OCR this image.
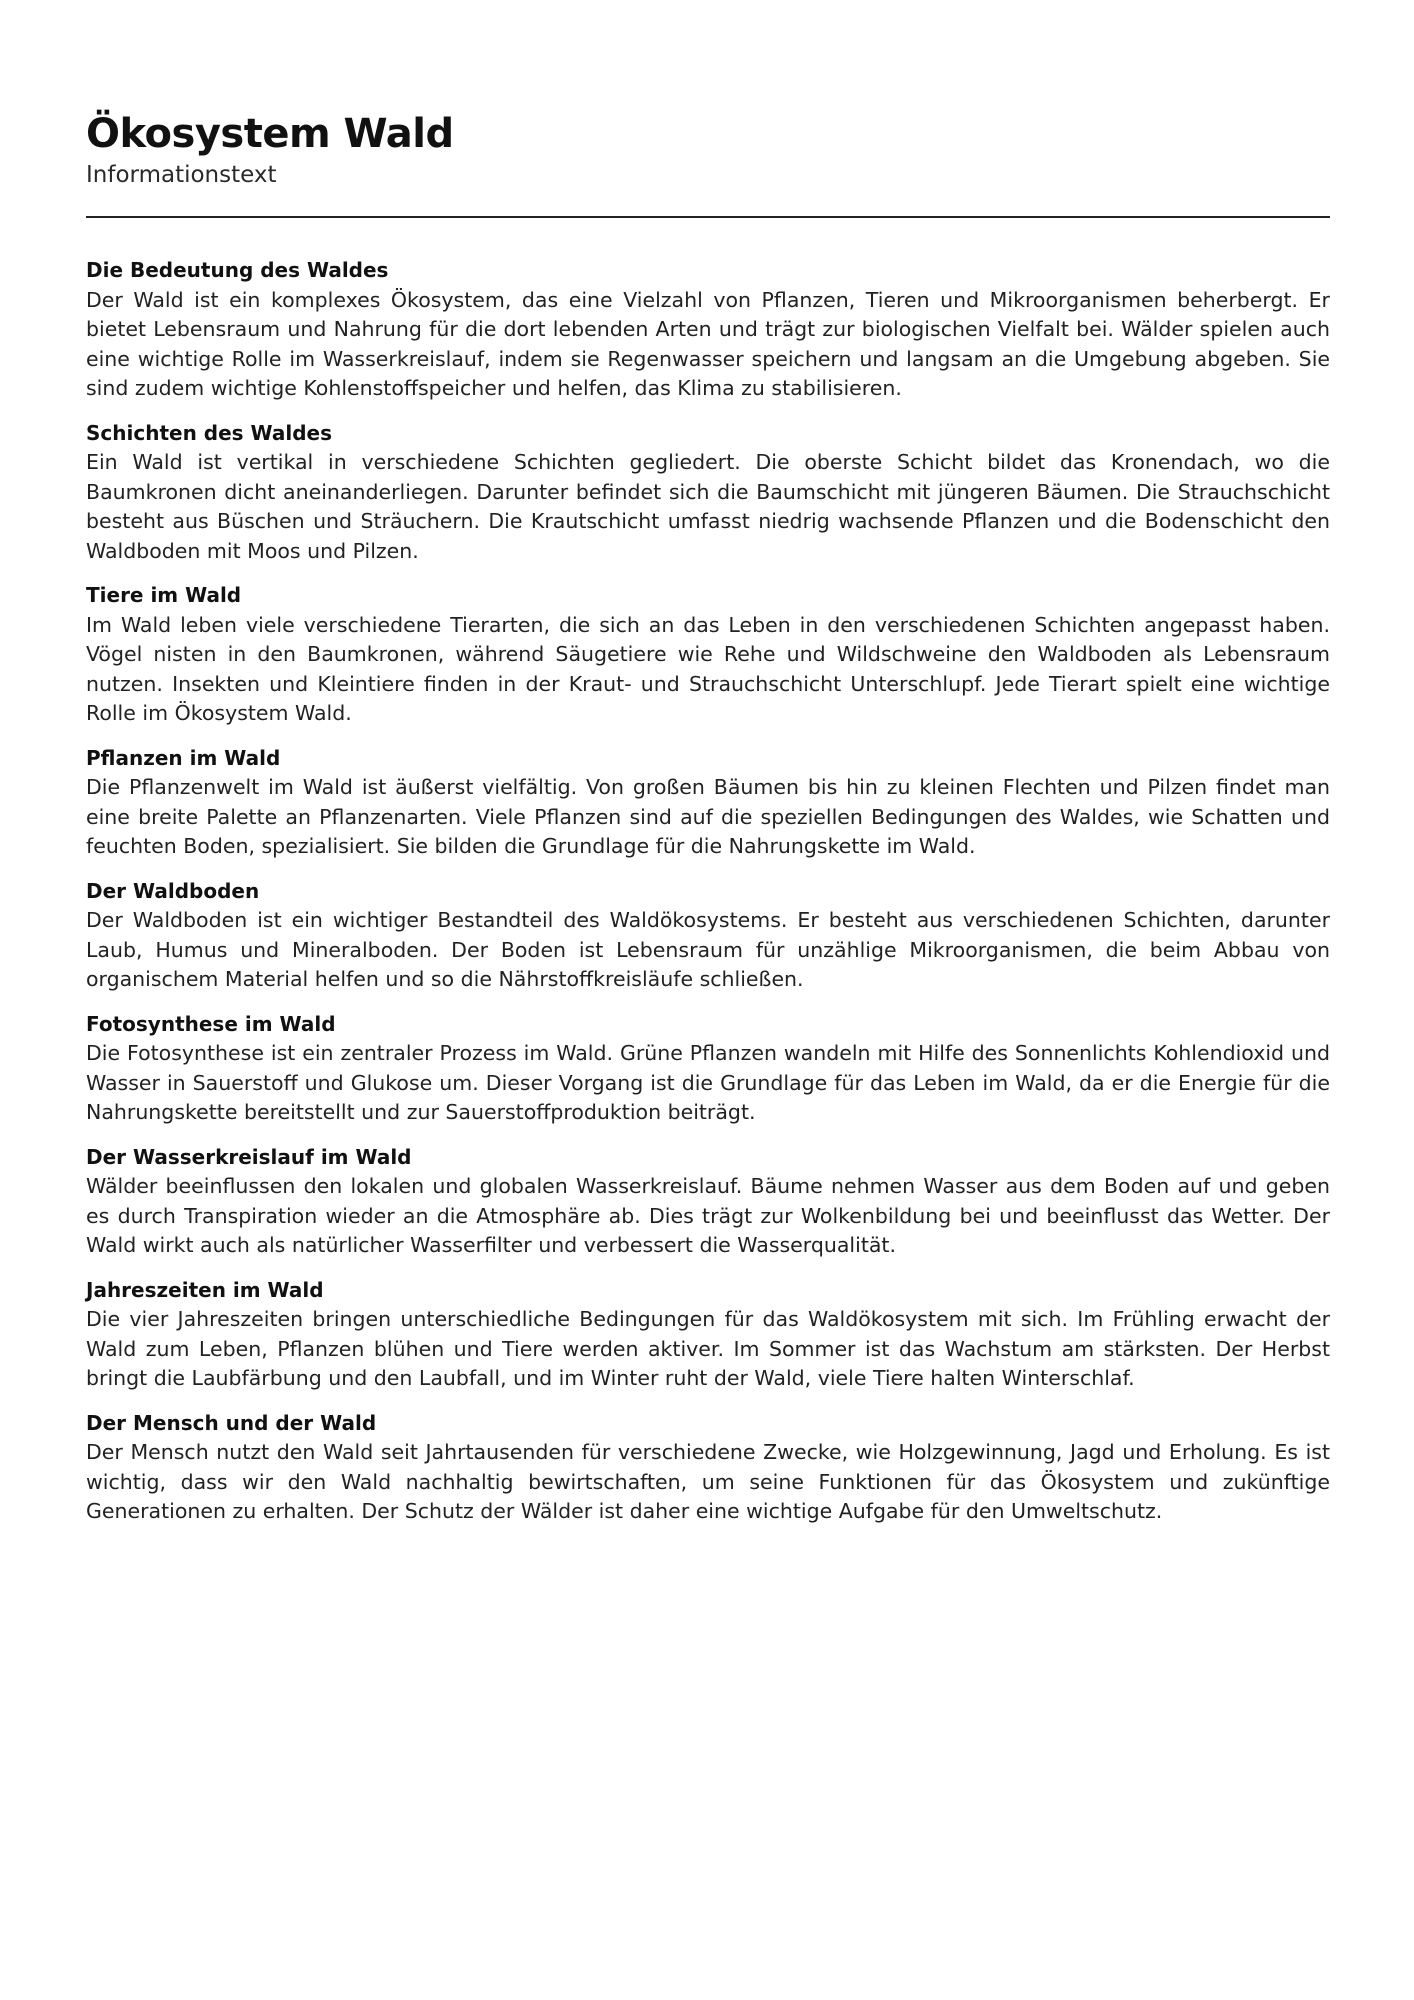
Ökosystem Wald
Informationstext
Die Bedeutung des Waldes

Der Wald ist ein komplexes Ökosystem, das eine Vielzahl von Pflanzen, Tieren und Mikroorganismen beherbergt. Er bietet Lebensraum und Nahrung für die dort lebenden Arten und trägt zur biologischen Vielfalt bei. Wälder spielen auch eine wichtige Rolle im Wasserkreislauf, indem sie Regenwasser speichern und langsam an die Umgebung abgeben. Sie sind zudem wichtige Kohlenstoffspeicher und helfen, das Klima zu stabilisieren.

Schichten des Waldes

Ein Wald ist vertikal in verschiedene Schichten gegliedert. Die oberste Schicht bildet das Kronendach, wo die Baumkronen dicht aneinanderliegen. Darunter befindet sich die Baumschicht mit jüngeren Bäumen. Die Strauchschicht besteht aus Büschen und Sträuchern. Die Krautschicht umfasst niedrig wachsende Pflanzen und die Bodenschicht den Waldboden mit Moos und Pilzen.

Tiere im Wald

Im Wald leben viele verschiedene Tierarten, die sich an das Leben in den verschiedenen Schichten angepasst haben. Vögel nisten in den Baumkronen, während Säugetiere wie Rehe und Wildschweine den Waldboden als Lebensraum nutzen. Insekten und Kleintiere finden in der Kraut- und Strauchschicht Unterschlupf. Jede Tierart spielt eine wichtige Rolle im Ökosystem Wald.

Pflanzen im Wald

Die Pflanzenwelt im Wald ist äußerst vielfältig. Von großen Bäumen bis hin zu kleinen Flechten und Pilzen findet man eine breite Palette an Pflanzenarten. Viele Pflanzen sind auf die speziellen Bedingungen des Waldes, wie Schatten und feuchten Boden, spezialisiert. Sie bilden die Grundlage für die Nahrungskette im Wald.

Der Waldboden

Der Waldboden ist ein wichtiger Bestandteil des Waldökosystems. Er besteht aus verschiedenen Schichten, darunter Laub, Humus und Mineralboden. Der Boden ist Lebensraum für unzählige Mikroorganismen, die beim Abbau von organischem Material helfen und so die Nährstoffkreisläufe schließen.

Fotosynthese im Wald

Die Fotosynthese ist ein zentraler Prozess im Wald. Grüne Pflanzen wandeln mit Hilfe des Sonnenlichts Kohlendioxid und Wasser in Sauerstoff und Glukose um. Dieser Vorgang ist die Grundlage für das Leben im Wald, da er die Energie für die Nahrungskette bereitstellt und zur Sauerstoffproduktion beiträgt.

Der Wasserkreislauf im Wald

Wälder beeinflussen den lokalen und globalen Wasserkreislauf. Bäume nehmen Wasser aus dem Boden auf und geben es durch Transpiration wieder an die Atmosphäre ab. Dies trägt zur Wolkenbildung bei und beeinflusst das Wetter. Der Wald wirkt auch als natürlicher Wasserfilter und verbessert die Wasserqualität.

Jahreszeiten im Wald

Die vier Jahreszeiten bringen unterschiedliche Bedingungen für das Waldökosystem mit sich. Im Frühling erwacht der Wald zum Leben, Pflanzen blühen und Tiere werden aktiver. Im Sommer ist das Wachstum am stärksten. Der Herbst bringt die Laubfärbung und den Laubfall, und im Winter ruht der Wald, viele Tiere halten Winterschlaf.

Der Mensch und der Wald

Der Mensch nutzt den Wald seit Jahrtausenden für verschiedene Zwecke, wie Holzgewinnung, Jagd und Erholung. Es ist wichtig, dass wir den Wald nachhaltig bewirtschaften, um seine Funktionen für das Ökosystem und zukünftige Generationen zu erhalten. Der Schutz der Wälder ist daher eine wichtige Aufgabe für den Umweltschutz.
